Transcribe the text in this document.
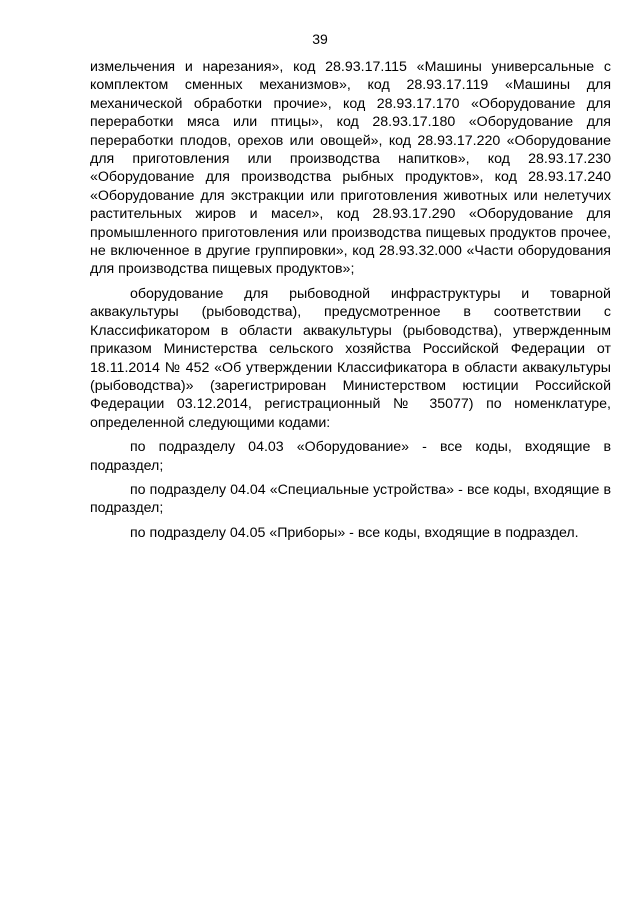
39

измельчения и нарезания», код 28.93.17.115 «Машины универсальные с комплектом сменных механизмов», код 28.93.17.119 «Машины для механической обработки прочие», код 28.93.17.170 «Оборудование для переработки мяса или птицы», код 28.93.17.180 «Оборудование для переработки плодов, орехов или овощей», код 28.93.17.220 «Оборудование для приготовления или производства напитков», код 28.93.17.230 «Оборудование для производства рыбных продуктов», код 28.93.17.240 «Оборудование для экстракции или приготовления животных или нелетучих растительных жиров и масел», код 28.93.17.290 «Оборудование для промышленного приготовления или производства пищевых продуктов прочее, не включенное в другие группировки», код 28.93.32.000 «Части оборудования для производства пищевых продуктов»;

оборудование для рыбоводной инфраструктуры и товарной аквакультуры (рыбоводства), предусмотренное в соответствии с Классификатором в области аквакультуры (рыбоводства), утвержденным приказом Министерства сельского хозяйства Российской Федерации от 18.11.2014 № 452 «Об утверждении Классификатора в области аквакультуры (рыбоводства)» (зарегистрирован Министерством юстиции Российской Федерации 03.12.2014, регистрационный № 35077) по номенклатуре, определенной следующими кодами:

по подразделу 04.03 «Оборудование» - все коды, входящие в подраздел;

по подразделу 04.04 «Специальные устройства» - все коды, входящие в подраздел;

по подразделу 04.05 «Приборы» - все коды, входящие в подраздел.
